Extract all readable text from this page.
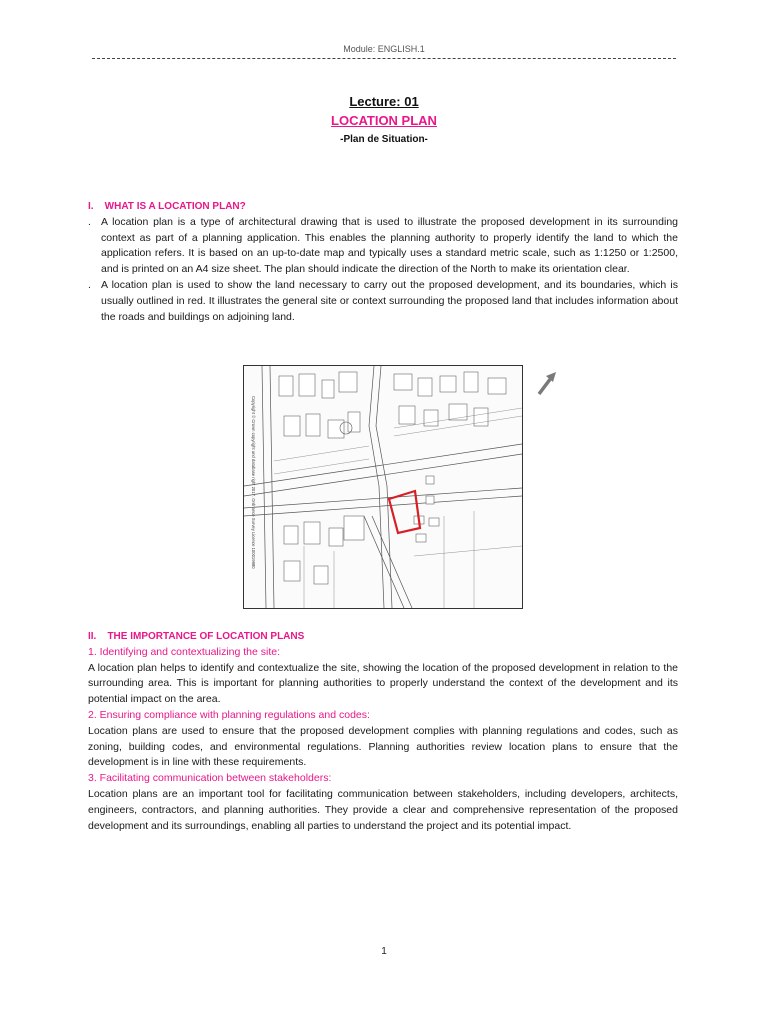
Module: ENGLISH.1
Lecture: 01
LOCATION PLAN
-Plan de Situation-
I.    WHAT IS A LOCATION PLAN?
. A location plan is a type of architectural drawing that is used to illustrate the proposed development in its surrounding context as part of a planning application. This enables the planning authority to properly identify the land to which the application refers. It is based on an up-to-date map and typically uses a standard metric scale, such as 1:1250 or 1:2500, and is printed on an A4 size sheet. The plan should indicate the direction of the North to make its orientation clear.
. A location plan is used to show the land necessary to carry out the proposed development, and its boundaries, which is usually outlined in red. It illustrates the general site or context surrounding the proposed land that includes information about the roads and buildings on adjoining land.
Copyright © Crown copyright and database right 2017. Ordnance Survey Licence 100019980
II.    THE IMPORTANCE OF LOCATION PLANS

1. Identifying and contextualizing the site:

A location plan helps to identify and contextualize the site, showing the location of the proposed development in relation to the surrounding area. This is important for planning authorities to properly understand the context of the development and its potential impact on the area.

2. Ensuring compliance with planning regulations and codes:

Location plans are used to ensure that the proposed development complies with planning regulations and codes, such as zoning, building codes, and environmental regulations. Planning authorities review location plans to ensure that the development is in line with these requirements.

3. Facilitating communication between stakeholders:

Location plans are an important tool for facilitating communication between stakeholders, including developers, architects, engineers, contractors, and planning authorities. They provide a clear and comprehensive representation of the proposed development and its surroundings, enabling all parties to understand the project and its potential impact.

1
